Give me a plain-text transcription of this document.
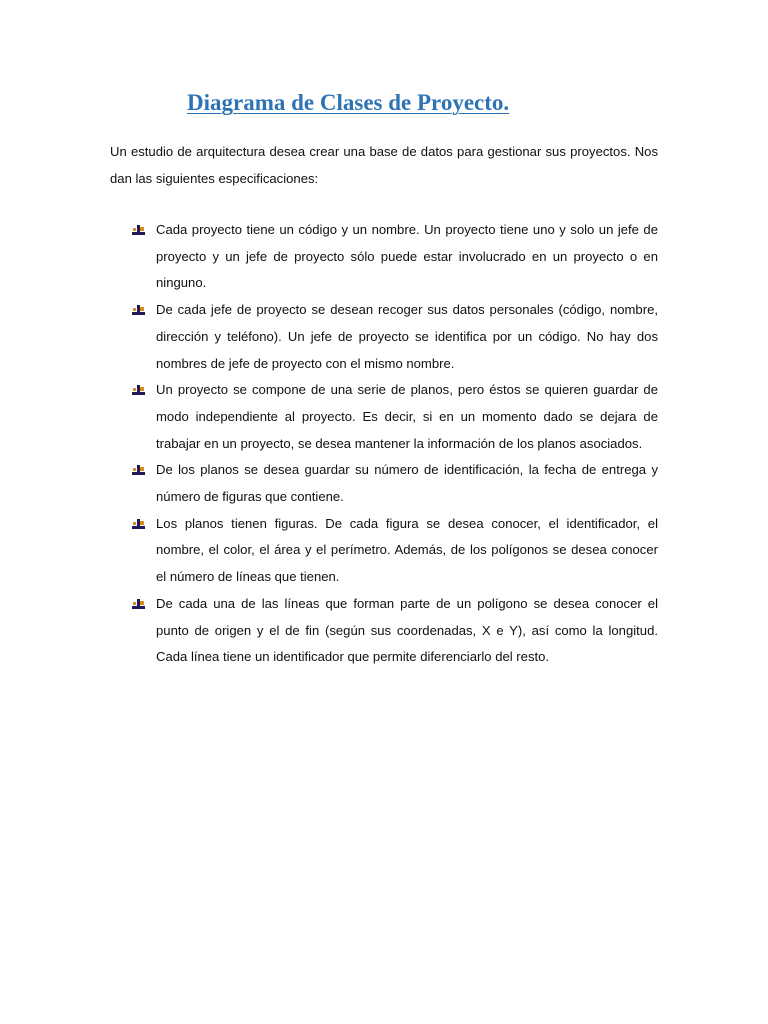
Diagrama de Clases de Proyecto.

Un estudio de arquitectura desea crear una base de datos para gestionar sus proyectos. Nos dan las siguientes especificaciones:

Cada proyecto tiene un código y un nombre. Un proyecto tiene uno y solo un jefe de proyecto y un jefe de proyecto sólo puede estar involucrado en un proyecto o en ninguno.
De cada jefe de proyecto se desean recoger sus datos personales (código, nombre, dirección y teléfono). Un jefe de proyecto se identifica por un código. No hay dos nombres de jefe de proyecto con el mismo nombre.
Un proyecto se compone de una serie de planos, pero éstos se quieren guardar de modo independiente al proyecto. Es decir, si en un momento dado se dejara de trabajar en un proyecto, se desea mantener la información de los planos asociados.
De los planos se desea guardar su número de identificación, la fecha de entrega y número de figuras que contiene.
Los planos tienen figuras. De cada figura se desea conocer, el identificador, el nombre, el color, el área y el perímetro. Además, de los polígonos se desea conocer el número de líneas que tienen.
De cada una de las líneas que forman parte de un polígono se desea conocer el punto de origen y el de fin (según sus coordenadas, X e Y), así como la longitud. Cada línea tiene un identificador que permite diferenciarlo del resto.
